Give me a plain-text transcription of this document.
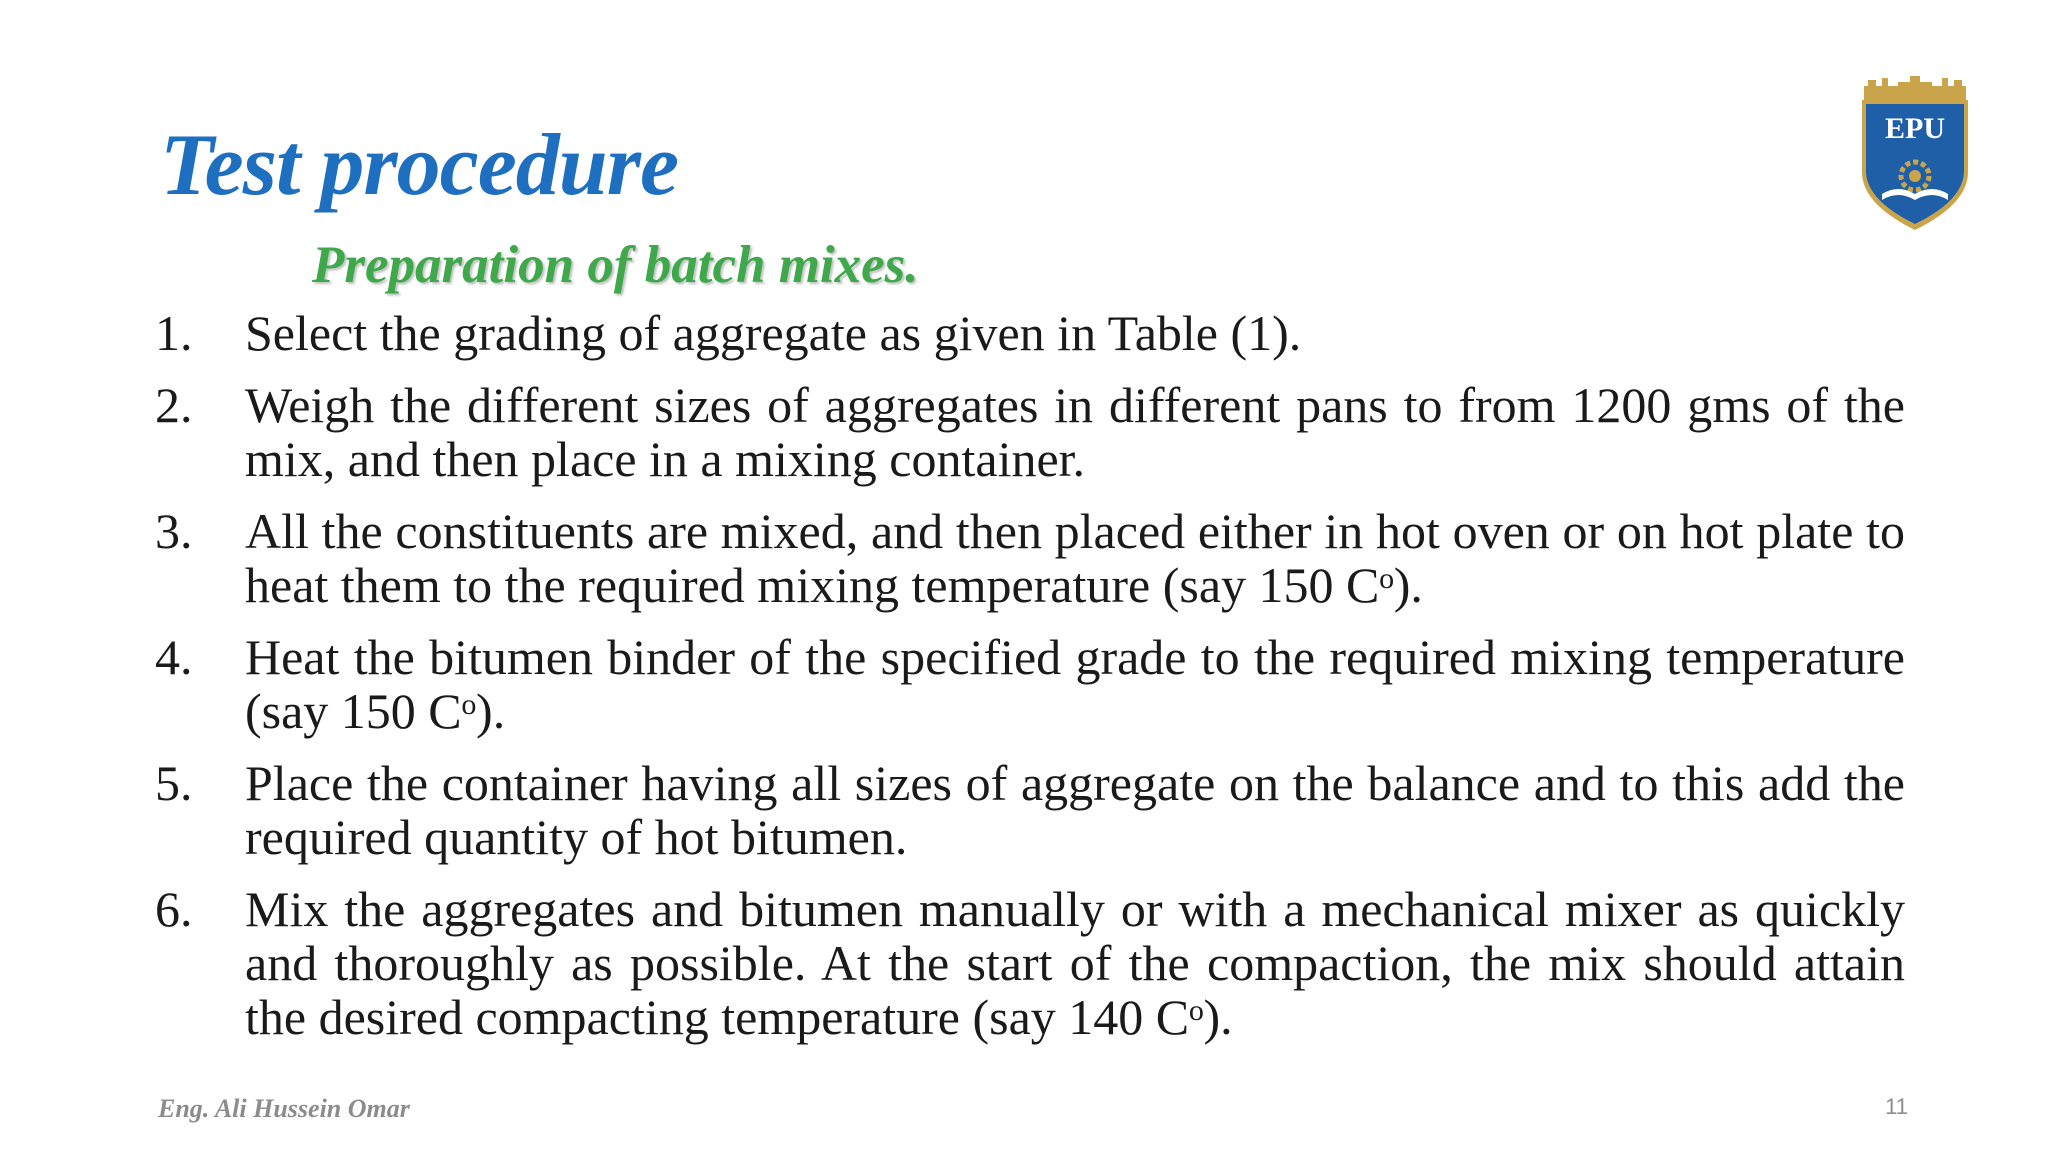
Test procedure
Preparation of batch mixes.
EPU
1.	Select the grading of aggregate as given in Table (1).
2.	Weigh the different sizes of aggregates in different pans to from 1200 gms of the mix, and then place in a mixing container.
3.	All the constituents are mixed, and then placed either in hot oven or on hot plate to heat them to the required mixing temperature (say 150 Cᵒ).
4.	Heat the bitumen binder of the specified grade to the required mixing temperature (say 150 Cᵒ).
5.	Place the container having all sizes of aggregate on the balance and to this add the required quantity of hot bitumen.
6.	Mix the aggregates and bitumen manually or with a mechanical mixer as quickly and thoroughly as possible. At the start of the compaction, the mix should attain the desired compacting temperature (say 140 Cᵒ).
Eng. Ali Hussein Omar	11
